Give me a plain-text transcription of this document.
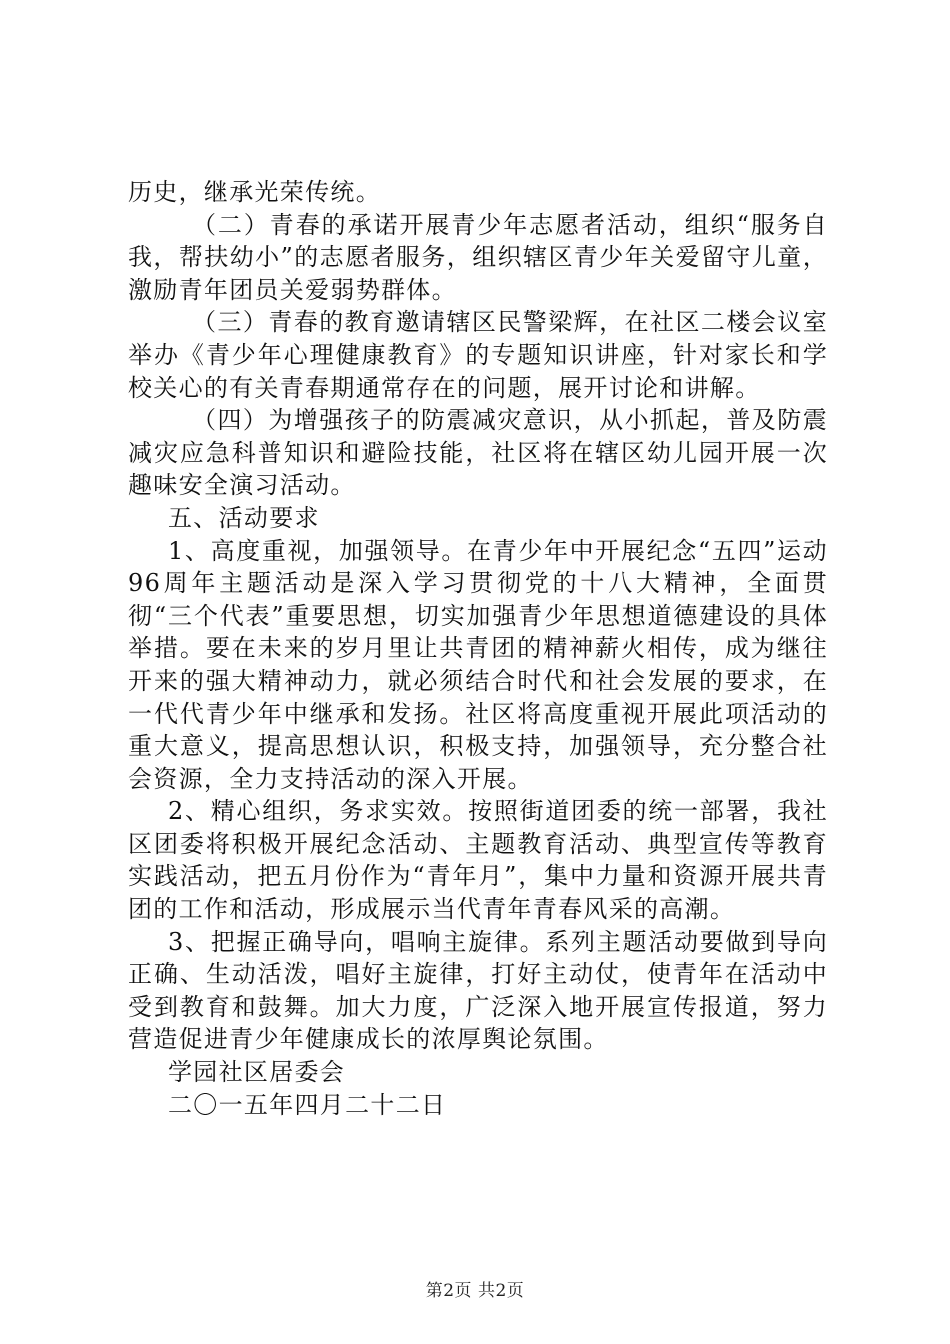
历史，继承光荣传统。

（二）青春的承诺开展青少年志愿者活动，组织“服务自我，帮扶幼小”的志愿者服务，组织辖区青少年关爱留守儿童，激励青年团员关爱弱势群体。

（三）青春的教育邀请辖区民警梁辉，在社区二楼会议室举办《青少年心理健康教育》的专题知识讲座，针对家长和学校关心的有关青春期通常存在的问题，展开讨论和讲解。

（四）为增强孩子的防震减灾意识，从小抓起，普及防震减灾应急科普知识和避险技能，社区将在辖区幼儿园开展一次趣味安全演习活动。

五、活动要求

1、高度重视，加强领导。在青少年中开展纪念“五四”运动96周年主题活动是深入学习贯彻党的十八大精神，全面贯彻“三个代表”重要思想，切实加强青少年思想道德建设的具体举措。要在未来的岁月里让共青团的精神薪火相传，成为继往开来的强大精神动力，就必须结合时代和社会发展的要求，在一代代青少年中继承和发扬。社区将高度重视开展此项活动的重大意义，提高思想认识，积极支持，加强领导，充分整合社会资源，全力支持活动的深入开展。

2、精心组织，务求实效。按照街道团委的统一部署，我社区团委将积极开展纪念活动、主题教育活动、典型宣传等教育实践活动，把五月份作为“青年月”，集中力量和资源开展共青团的工作和活动，形成展示当代青年青春风采的高潮。

3、把握正确导向，唱响主旋律。系列主题活动要做到导向正确、生动活泼，唱好主旋律，打好主动仗，使青年在活动中受到教育和鼓舞。加大力度，广泛深入地开展宣传报道，努力营造促进青少年健康成长的浓厚舆论氛围。

学园社区居委会

二〇一五年四月二十二日

第2页 共2页
